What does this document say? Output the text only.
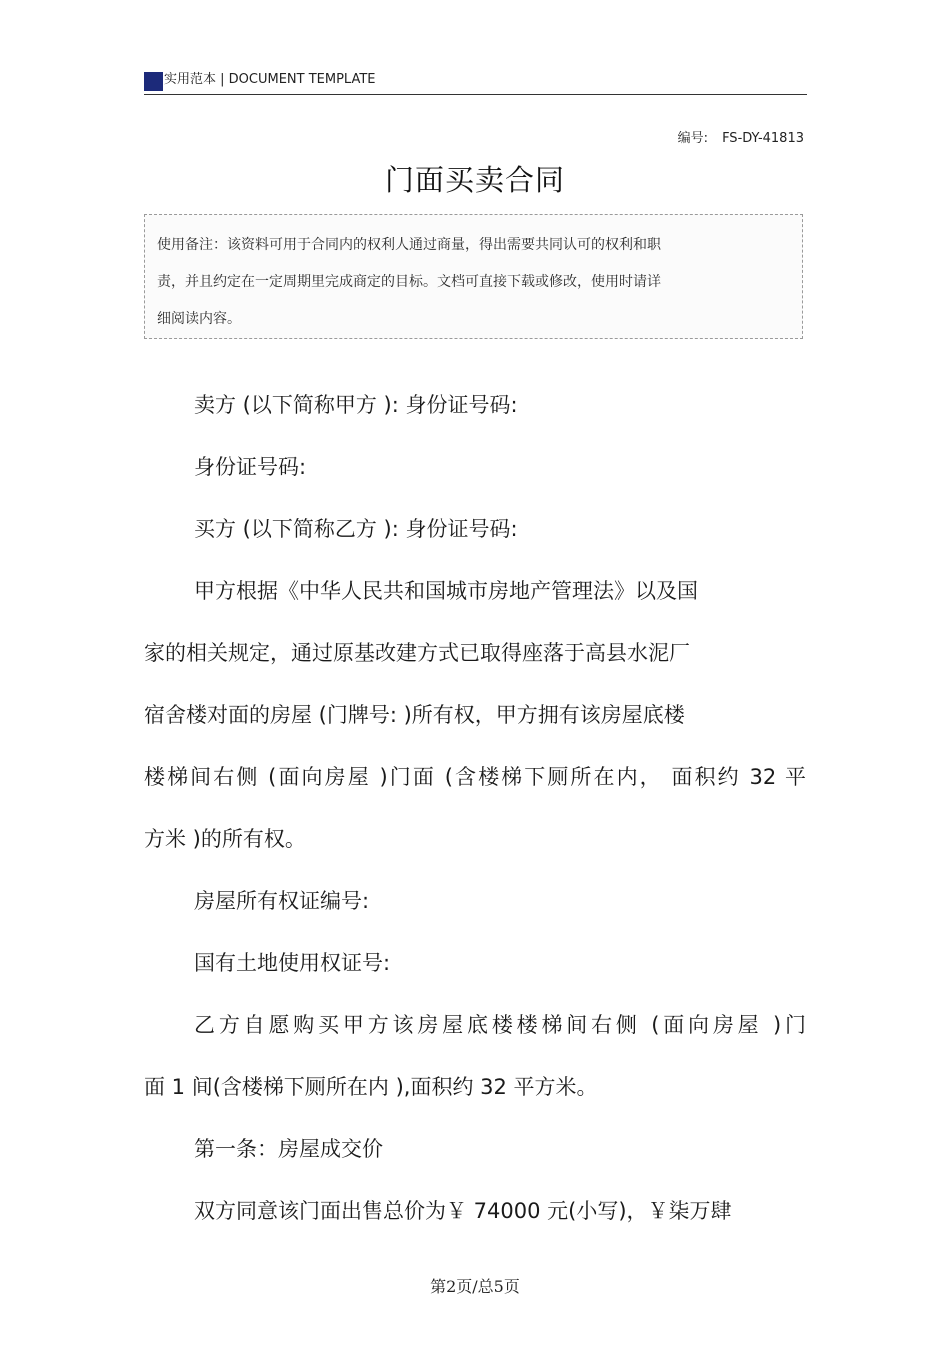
实用范本 | DOCUMENT TEMPLATE
编号: FS-DY-41813
门面买卖合同
使用备注：该资料可用于合同内的权利人通过商量，得出需要共同认可的权利和职
责，并且约定在一定周期里完成商定的目标。文档可直接下载或修改，使用时请详
细阅读内容。
卖方 (以下简称甲方 ): 身份证号码:
身份证号码:
买方 (以下简称乙方 ): 身份证号码:
甲方根据《中华人民共和国城市房地产管理法》以及国
家的相关规定，通过原基改建方式已取得座落于高县水泥厂
宿舍楼对面的房屋 (门牌号: )所有权，甲方拥有该房屋底楼
楼梯间右侧 (面向房屋 )门面 (含楼梯下厕所在内， 面积约 32 平
方米 )的所有权。
房屋所有权证编号:
国有土地使用权证号:
乙方自愿购买甲方该房屋底楼楼梯间右侧 (面向房屋 )门
面 1 间(含楼梯下厕所在内 ),面积约 32 平方米。
第一条：房屋成交价
双方同意该门面出售总价为￥ 74000 元(小写)，￥柒万肆
第2页/总5页
